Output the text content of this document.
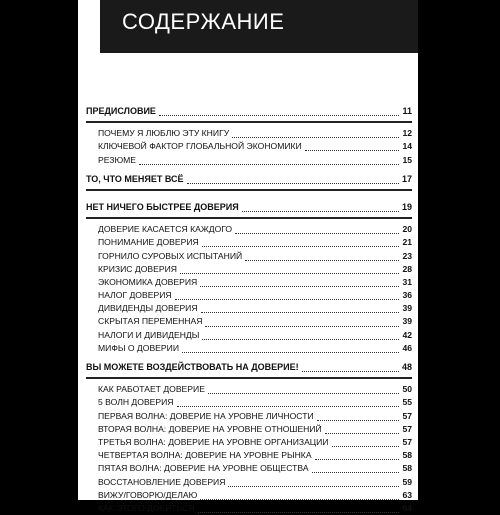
СОДЕРЖАНИЕ
ПРЕДИСЛОВИЕ	11
ПОЧЕМУ Я ЛЮБЛЮ ЭТУ КНИГУ	12
КЛЮЧЕВОЙ ФАКТОР ГЛОБАЛЬНОЙ ЭКОНОМИКИ	14
РЕЗЮМЕ	15
ТО, ЧТО МЕНЯЕТ ВСЁ	17
НЕТ НИЧЕГО БЫСТРЕЕ ДОВЕРИЯ	19
ДОВЕРИЕ КАСАЕТСЯ КАЖДОГО	20
ПОНИМАНИЕ ДОВЕРИЯ	21
ГОРНИЛО СУРОВЫХ ИСПЫТАНИЙ	23
КРИЗИС ДОВЕРИЯ	28
ЭКОНОМИКА ДОВЕРИЯ	31
НАЛОГ ДОВЕРИЯ	36
ДИВИДЕНДЫ ДОВЕРИЯ	39
СКРЫТАЯ ПЕРЕМЕННАЯ	39
НАЛОГИ И ДИВИДЕНДЫ	42
МИФЫ О ДОВЕРИИ	46
ВЫ МОЖЕТЕ ВОЗДЕЙСТВОВАТЬ НА ДОВЕРИЕ!	48
КАК РАБОТАЕТ ДОВЕРИЕ	50
5 ВОЛН ДОВЕРИЯ	55
ПЕРВАЯ ВОЛНА: ДОВЕРИЕ НА УРОВНЕ ЛИЧНОСТИ	57
ВТОРАЯ ВОЛНА: ДОВЕРИЕ НА УРОВНЕ ОТНОШЕНИЙ	57
ТРЕТЬЯ ВОЛНА: ДОВЕРИЕ НА УРОВНЕ ОРГАНИЗАЦИИ	57
ЧЕТВЕРТАЯ ВОЛНА: ДОВЕРИЕ НА УРОВНЕ РЫНКА	58
ПЯТАЯ ВОЛНА: ДОВЕРИЕ НА УРОВНЕ ОБЩЕСТВА	58
ВОССТАНОВЛЕНИЕ ДОВЕРИЯ	59
ВИЖУ/ГОВОРЮ/ДЕЛАЮ	63
КАК ЭТОГО ДОБИТЬСЯ	64
